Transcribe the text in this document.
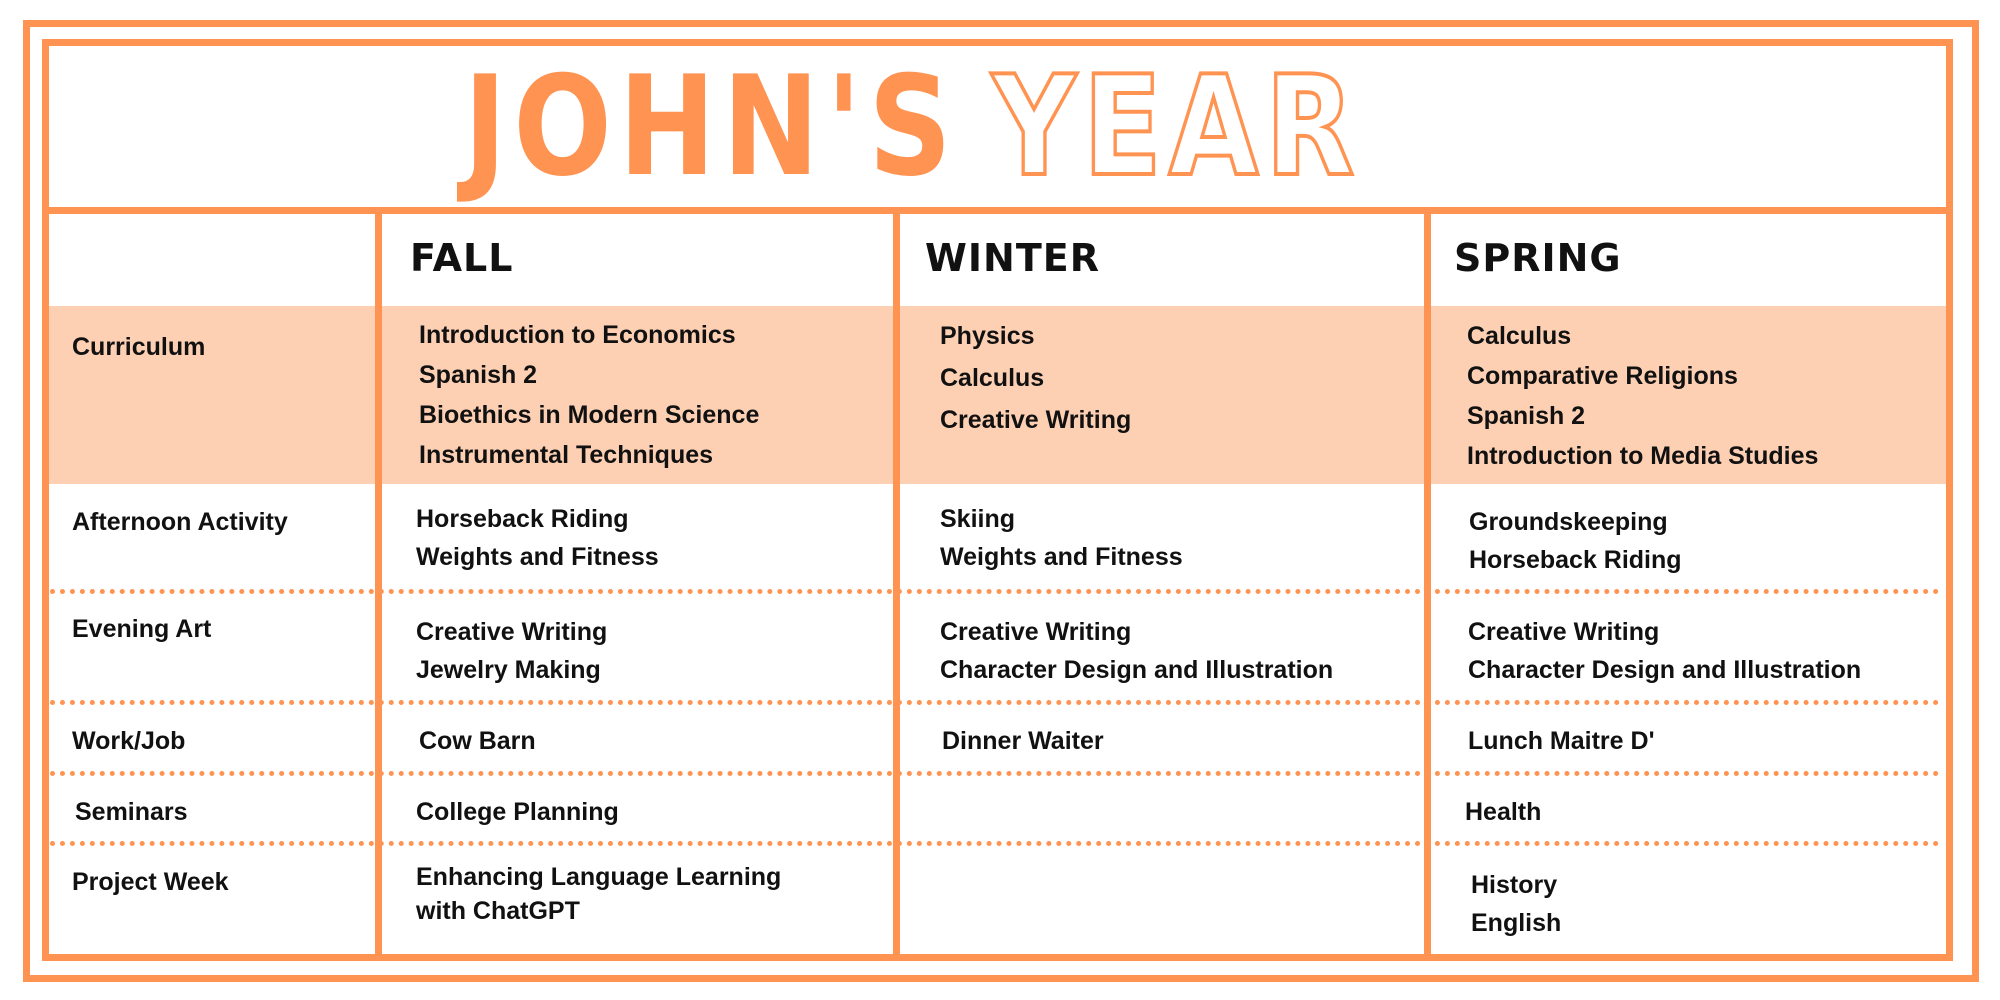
JOHN'S YEAR
FALL	WINTER	SPRING
Curriculum
Afternoon Activity
Evening Art
Work/Job
Seminars
Project Week
Introduction to Economics
Spanish 2
Bioethics in Modern Science
Instrumental Techniques
Horseback Riding
Weights and Fitness
Creative Writing
Jewelry Making
Cow Barn
College Planning
Enhancing Language Learning
with ChatGPT
Physics
Calculus
Creative Writing
Skiing
Weights and Fitness
Creative Writing
Character Design and Illustration
Dinner Waiter
Calculus
Comparative Religions
Spanish 2
Introduction to Media Studies
Groundskeeping
Horseback Riding
Creative Writing
Character Design and Illustration
Lunch Maitre D'
Health
History
English
